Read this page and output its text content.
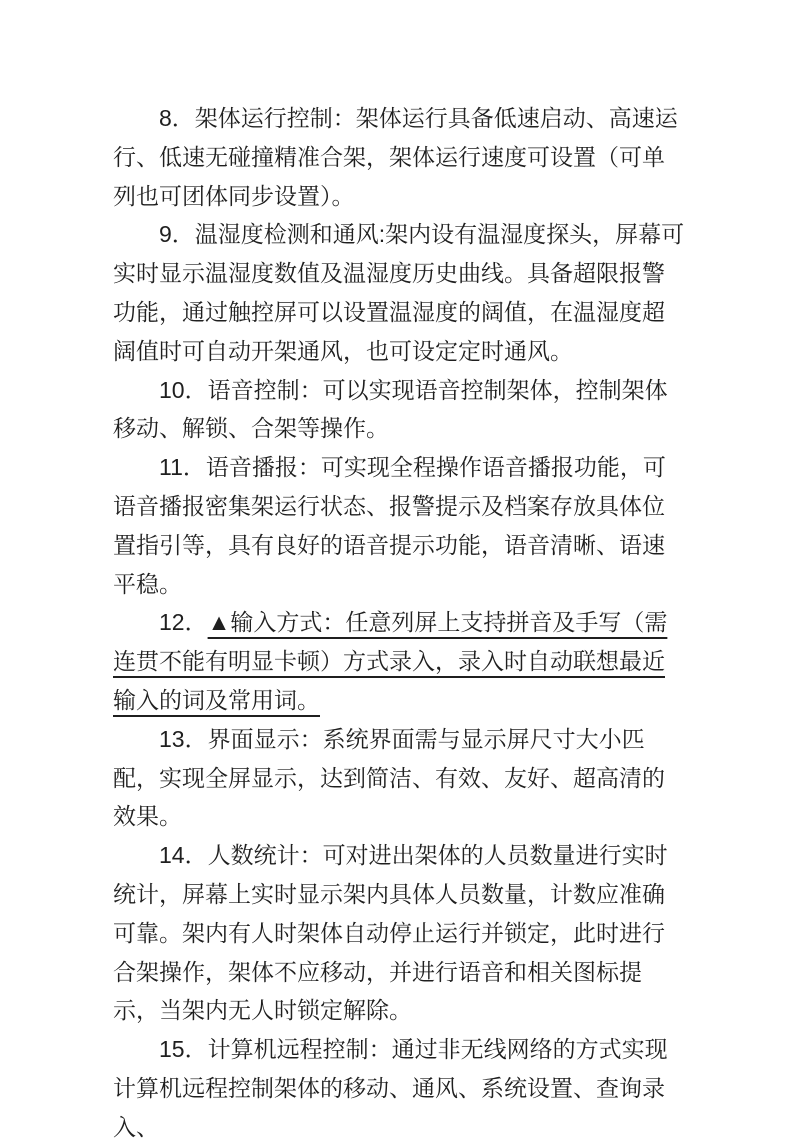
8．架体运行控制：架体运行具备低速启动、高速运行、低速无碰撞精准合架，架体运行速度可设置（可单列也可团体同步设置）。

9．温湿度检测和通风:架内设有温湿度探头，屏幕可实时显示温湿度数值及温湿度历史曲线。具备超限报警功能，通过触控屏可以设置温湿度的阔值，在温湿度超阔值时可自动开架通风，也可设定定时通风。

10．语音控制：可以实现语音控制架体，控制架体移动、解锁、合架等操作。

11．语音播报：可实现全程操作语音播报功能，可语音播报密集架运行状态、报警提示及档案存放具体位置指引等，具有良好的语音提示功能，语音清晰、语速平稳。

12．▲输入方式：任意列屏上支持拼音及手写（需连贯不能有明显卡顿）方式录入，录入时自动联想最近输入的词及常用词。

13．界面显示：系统界面需与显示屏尺寸大小匹配，实现全屏显示，达到简洁、有效、友好、超高清的效果。

14．人数统计：可对进出架体的人员数量进行实时统计，屏幕上实时显示架内具体人员数量，计数应准确可靠。架内有人时架体自动停止运行并锁定，此时进行合架操作，架体不应移动，并进行语音和相关图标提示，当架内无人时锁定解除。

15．计算机远程控制：通过非无线网络的方式实现计算机远程控制架体的移动、通风、系统设置、查询录入、
